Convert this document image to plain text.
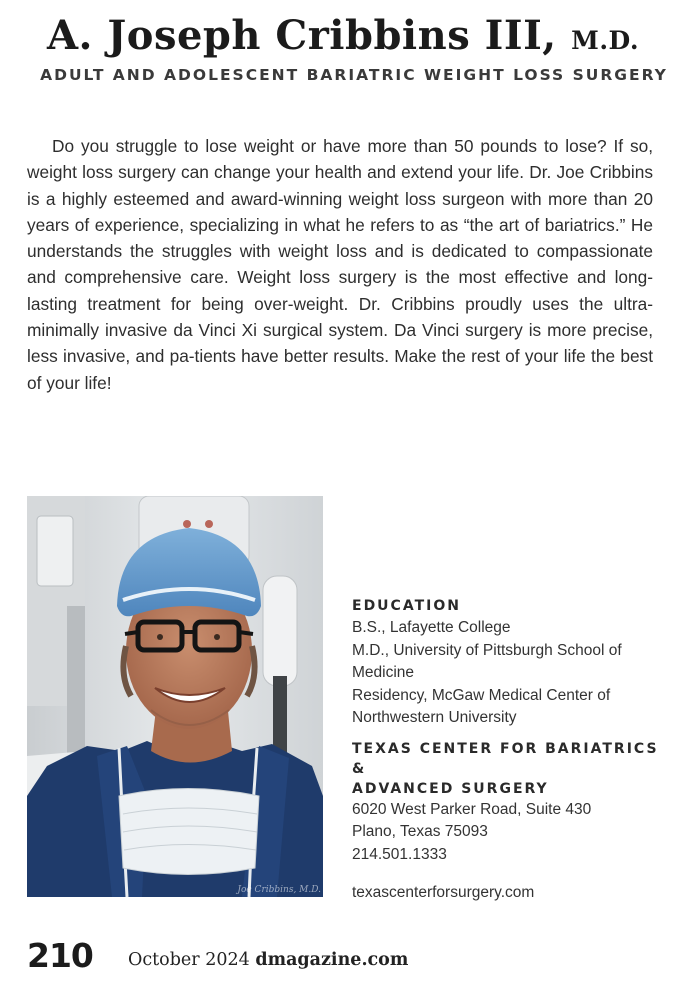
A. Joseph Cribbins III, M.D.
ADULT AND ADOLESCENT BARIATRIC WEIGHT LOSS SURGERY

Do you struggle to lose weight or have more than 50 pounds to lose? If so, weight loss surgery can change your health and extend your life. Dr. Joe Cribbins is a highly esteemed and award-winning weight loss surgeon with more than 20 years of experience, specializing in what he refers to as “the art of bariatrics.” He understands the struggles with weight loss and is dedicated to compassionate and comprehensive care. Weight loss surgery is the most effective and long-lasting treatment for being over-weight. Dr. Cribbins proudly uses the ultra-minimally invasive da Vinci Xi surgical system. Da Vinci surgery is more precise, less invasive, and pa-tients have better results. Make the rest of your life the best of your life!

Joe Cribbins, M.D.
EDUCATION
B.S., Lafayette College
M.D., University of Pittsburgh School of
Medicine
Residency, McGaw Medical Center of
Northwestern University
TEXAS CENTER FOR BARIATRICS &
ADVANCED SURGERY
6020 West Parker Road, Suite 430
Plano, Texas 75093
214.501.1333
texascenterforsurgery.com
210 October 2024 dmagazine.com
